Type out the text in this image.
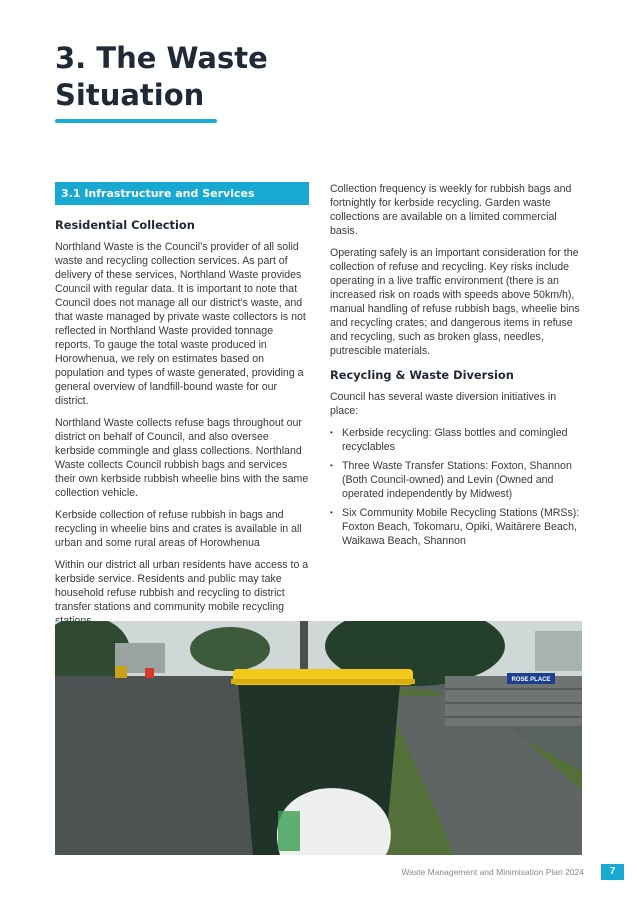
3. The Waste
Situation
3.1 Infrastructure and Services
Residential Collection

Northland Waste is the Council’s provider of all solid waste and recycling collection services. As part of delivery of these services, Northland Waste provides Council with regular data. It is important to note that Council does not manage all our district’s waste, and that waste managed by private waste collectors is not reflected in Northland Waste provided tonnage reports. To gauge the total waste produced in Horowhenua, we rely on estimates based on population and types of waste generated, providing a general overview of landfill-bound waste for our district.

Northland Waste collects refuse bags throughout our district on behalf of Council, and also oversee kerbside commingle and glass collections. Northland Waste collects Council rubbish bags and services their own kerbside rubbish wheelie bins with the same collection vehicle.

Kerbside collection of refuse rubbish in bags and recycling in wheelie bins and crates is available in all urban and some rural areas of Horowhenua

Within our district all urban residents have access to a kerbside service. Residents and public may take household refuse rubbish and recycling to district transfer stations and community mobile recycling

Collection frequency is weekly for rubbish bags and fortnightly for kerbside recycling. Garden waste collections are available on a limited commercial basis.

Operating safely is an important consideration for the collection of refuse and recycling. Key risks include operating in a live traffic environment (there is an increased risk on roads with speeds above 50km/h), manual handling of refuse rubbish bags, wheelie bins and recycling crates; and dangerous items in refuse and recycling, such as broken glass, needles, putrescible materials.

Recycling & Waste Diversion

Council has several waste diversion initiatives in place:

• Kerbside recycling: Glass bottles and comingled recyclables
• Three Waste Transfer Stations: Foxton, Shannon (Both Council-owned) and Levin (Owned and operated independently by Midwest)
• Six Community Mobile Recycling Stations (MRSs): Foxton Beach, Tokomaru, Opiki, Waitārere Beach, Waikawa Beach, Shannon
ROSE PLACE
Waste Management and Minimisation Plan 2024	7
